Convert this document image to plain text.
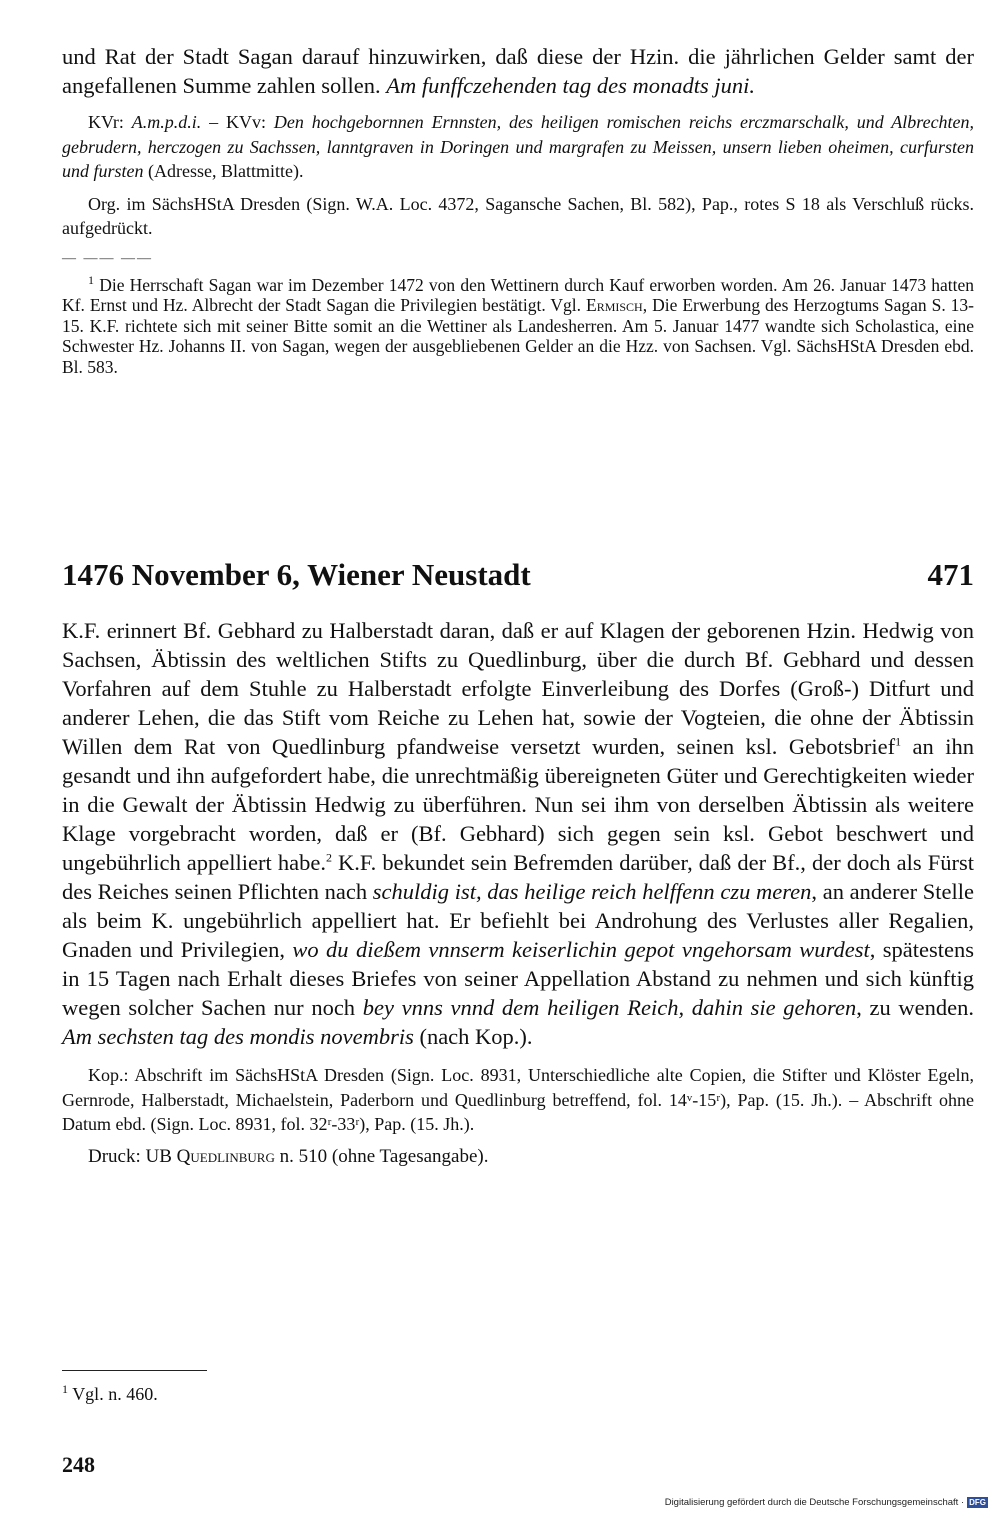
und Rat der Stadt Sagan darauf hinzuwirken, daß diese der Hzin. die jährlichen Gelder samt der angefallenen Summe zahlen sollen. Am funffczehenden tag des monadts juni.

KVr: A.m.p.d.i. – KVv: Den hochgebornnen Ernnsten, des heiligen romischen reichs erczmarschalk, und Albrechten, gebrudern, herczogen zu Sachssen, lanntgraven in Doringen und margrafen zu Meissen, unsern lieben oheimen, curfursten und fursten (Adresse, Blattmitte).

Org. im SächsHStA Dresden (Sign. W.A. Loc. 4372, Sagansche Sachen, Bl. 582), Pap., rotes S 18 als Verschluß rücks. aufgedrückt.

— —— ——

$^1$ Die Herrschaft Sagan war im Dezember 1472 von den Wettinern durch Kauf erworben worden. Am 26. Januar 1473 hatten Kf. Ernst und Hz. Albrecht der Stadt Sagan die Privilegien bestätigt. Vgl. Ermisch, Die Erwerbung des Herzogtums Sagan S. 13-15. K.F. richtete sich mit seiner Bitte somit an die Wettiner als Landesherren. Am 5. Januar 1477 wandte sich Scholastica, eine Schwester Hz. Johanns II. von Sagan, wegen der ausgebliebenen Gelder an die Hzz. von Sachsen. Vgl. SächsHStA Dresden ebd. Bl. 583.

1476 November 6, Wiener Neustadt	471

K.F. erinnert Bf. Gebhard zu Halberstadt daran, daß er auf Klagen der geborenen Hzin. Hedwig von Sachsen, Äbtissin des weltlichen Stifts zu Quedlinburg, über die durch Bf. Gebhard und dessen Vorfahren auf dem Stuhle zu Halberstadt erfolgte Einverleibung des Dorfes (Groß-) Ditfurt und anderer Lehen, die das Stift vom Reiche zu Lehen hat, sowie der Vogteien, die ohne der Äbtissin Willen dem Rat von Quedlinburg pfandweise versetzt wurden, seinen ksl. Gebotsbrief$^1$ an ihn gesandt und ihn aufgefordert habe, die unrechtmäßig übereigneten Güter und Gerechtigkeiten wieder in die Gewalt der Äbtissin Hedwig zu überführen. Nun sei ihm von derselben Äbtissin als weitere Klage vorgebracht worden, daß er (Bf. Gebhard) sich gegen sein ksl. Gebot beschwert und ungebührlich appelliert habe.$^2$ K.F. bekundet sein Befremden darüber, daß der Bf., der doch als Fürst des Reiches seinen Pflichten nach schuldig ist, das heilige reich helffenn czu meren, an anderer Stelle als beim K. ungebührlich appelliert hat. Er befiehlt bei Androhung des Verlustes aller Regalien, Gnaden und Privilegien, wo du dießem vnnserm keiserlichin gepot vngehorsam wurdest, spätestens in 15 Tagen nach Erhalt dieses Briefes von seiner Appellation Abstand zu nehmen und sich künftig wegen solcher Sachen nur noch bey vnns vnnd dem heiligen Reich, dahin sie gehoren, zu wenden. Am sechsten tag des mondis novembris (nach Kop.).

Kop.: Abschrift im SächsHStA Dresden (Sign. Loc. 8931, Unterschiedliche alte Copien, die Stifter und Klöster Egeln, Gernrode, Halberstadt, Michaelstein, Paderborn und Quedlinburg betreffend, fol. 14ᵛ-15ʳ), Pap. (15. Jh.). – Abschrift ohne Datum ebd. (Sign. Loc. 8931, fol. 32ʳ-33ʳ), Pap. (15. Jh.).

Druck: UB Quedlinburg n. 510 (ohne Tagesangabe).

$^1$ Vgl. n. 460.

248
Digitalisierung gefördert durch die Deutsche Forschungsgemeinschaft · DFG
